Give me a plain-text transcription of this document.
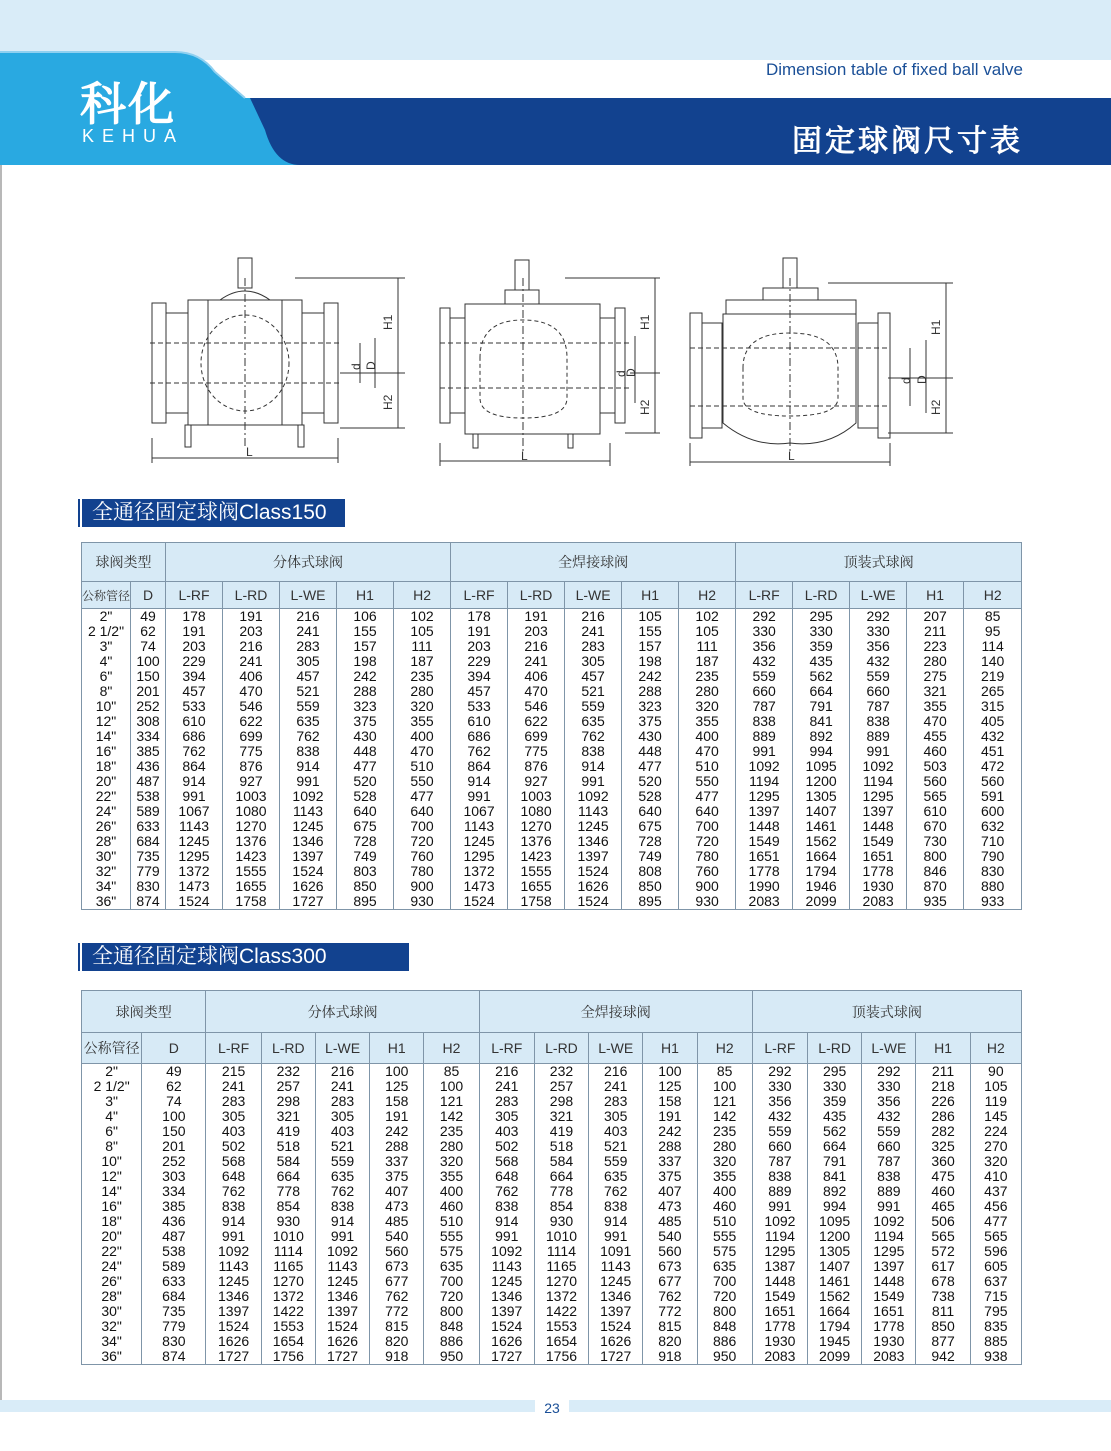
科化
KEHUA
Dimension table of fixed ball valve
固定球阀尺寸表
L
H1
H2
d D
L
H1
H2
d
D
L
H1
H2
d D
全通径固定球阀Class150
球阀类型		分体式球阀					全焊接球阀					顶装式球阀				
公称管径	D	L-RF	L-RD	L-WE	H1	H2	L-RF	L-RD	L-WE	H1	H2	L-RF	L-RD	L-WE	H1	H2
2"	49	178	191	216	106	102	178	191	216	105	102	292	295	292	207	85
2 1/2"	62	191	203	241	155	105	191	203	241	155	105	330	330	330	211	95
3"	74	203	216	283	157	111	203	216	283	157	111	356	359	356	223	114
4"	100	229	241	305	198	187	229	241	305	198	187	432	435	432	280	140
6"	150	394	406	457	242	235	394	406	457	242	235	559	562	559	275	219
8"	201	457	470	521	288	280	457	470	521	288	280	660	664	660	321	265
10"	252	533	546	559	323	320	533	546	559	323	320	787	791	787	355	315
12"	308	610	622	635	375	355	610	622	635	375	355	838	841	838	470	405
14"	334	686	699	762	430	400	686	699	762	430	400	889	892	889	455	432
16"	385	762	775	838	448	470	762	775	838	448	470	991	994	991	460	451
18"	436	864	876	914	477	510	864	876	914	477	510	1092	1095	1092	503	472
20"	487	914	927	991	520	550	914	927	991	520	550	1194	1200	1194	560	560
22"	538	991	1003	1092	528	477	991	1003	1092	528	477	1295	1305	1295	565	591
24"	589	1067	1080	1143	640	640	1067	1080	1143	640	640	1397	1407	1397	610	600
26"	633	1143	1270	1245	675	700	1143	1270	1245	675	700	1448	1461	1448	670	632
28"	684	1245	1376	1346	728	720	1245	1376	1346	728	720	1549	1562	1549	730	710
30"	735	1295	1423	1397	749	760	1295	1423	1397	749	780	1651	1664	1651	800	790
32"	779	1372	1555	1524	803	780	1372	1555	1524	808	760	1778	1794	1778	846	830
34"	830	1473	1655	1626	850	900	1473	1655	1626	850	900	1990	1946	1930	870	880
36"	874	1524	1758	1727	895	930	1524	1758	1524	895	930	2083	2099	2083	935	933
全通径固定球阀Class300
球阀类型		分体式球阀					全焊接球阀					顶装式球阀				
公称管径	D	L-RF	L-RD	L-WE	H1	H2	L-RF	L-RD	L-WE	H1	H2	L-RF	L-RD	L-WE	H1	H2
2"	49	215	232	216	100	85	216	232	216	100	85	292	295	292	211	90
2 1/2"	62	241	257	241	125	100	241	257	241	125	100	330	330	330	218	105
3"	74	283	298	283	158	121	283	298	283	158	121	356	359	356	226	119
4"	100	305	321	305	191	142	305	321	305	191	142	432	435	432	286	145
6"	150	403	419	403	242	235	403	419	403	242	235	559	562	559	282	224
8"	201	502	518	521	288	280	502	518	521	288	280	660	664	660	325	270
10"	252	568	584	559	337	320	568	584	559	337	320	787	791	787	360	320
12"	303	648	664	635	375	355	648	664	635	375	355	838	841	838	475	410
14"	334	762	778	762	407	400	762	778	762	407	400	889	892	889	460	437
16"	385	838	854	838	473	460	838	854	838	473	460	991	994	991	465	456
18"	436	914	930	914	485	510	914	930	914	485	510	1092	1095	1092	506	477
20"	487	991	1010	991	540	555	991	1010	991	540	555	1194	1200	1194	565	565
22"	538	1092	1114	1092	560	575	1092	1114	1091	560	575	1295	1305	1295	572	596
24"	589	1143	1165	1143	673	635	1143	1165	1143	673	635	1387	1407	1397	617	605
26"	633	1245	1270	1245	677	700	1245	1270	1245	677	700	1448	1461	1448	678	637
28"	684	1346	1372	1346	762	720	1346	1372	1346	762	720	1549	1562	1549	738	715
30"	735	1397	1422	1397	772	800	1397	1422	1397	772	800	1651	1664	1651	811	795
32"	779	1524	1553	1524	815	848	1524	1553	1524	815	848	1778	1794	1778	850	835
34"	830	1626	1654	1626	820	886	1626	1654	1626	820	886	1930	1945	1930	877	885
36"	874	1727	1756	1727	918	950	1727	1756	1727	918	950	2083	2099	2083	942	938
23
